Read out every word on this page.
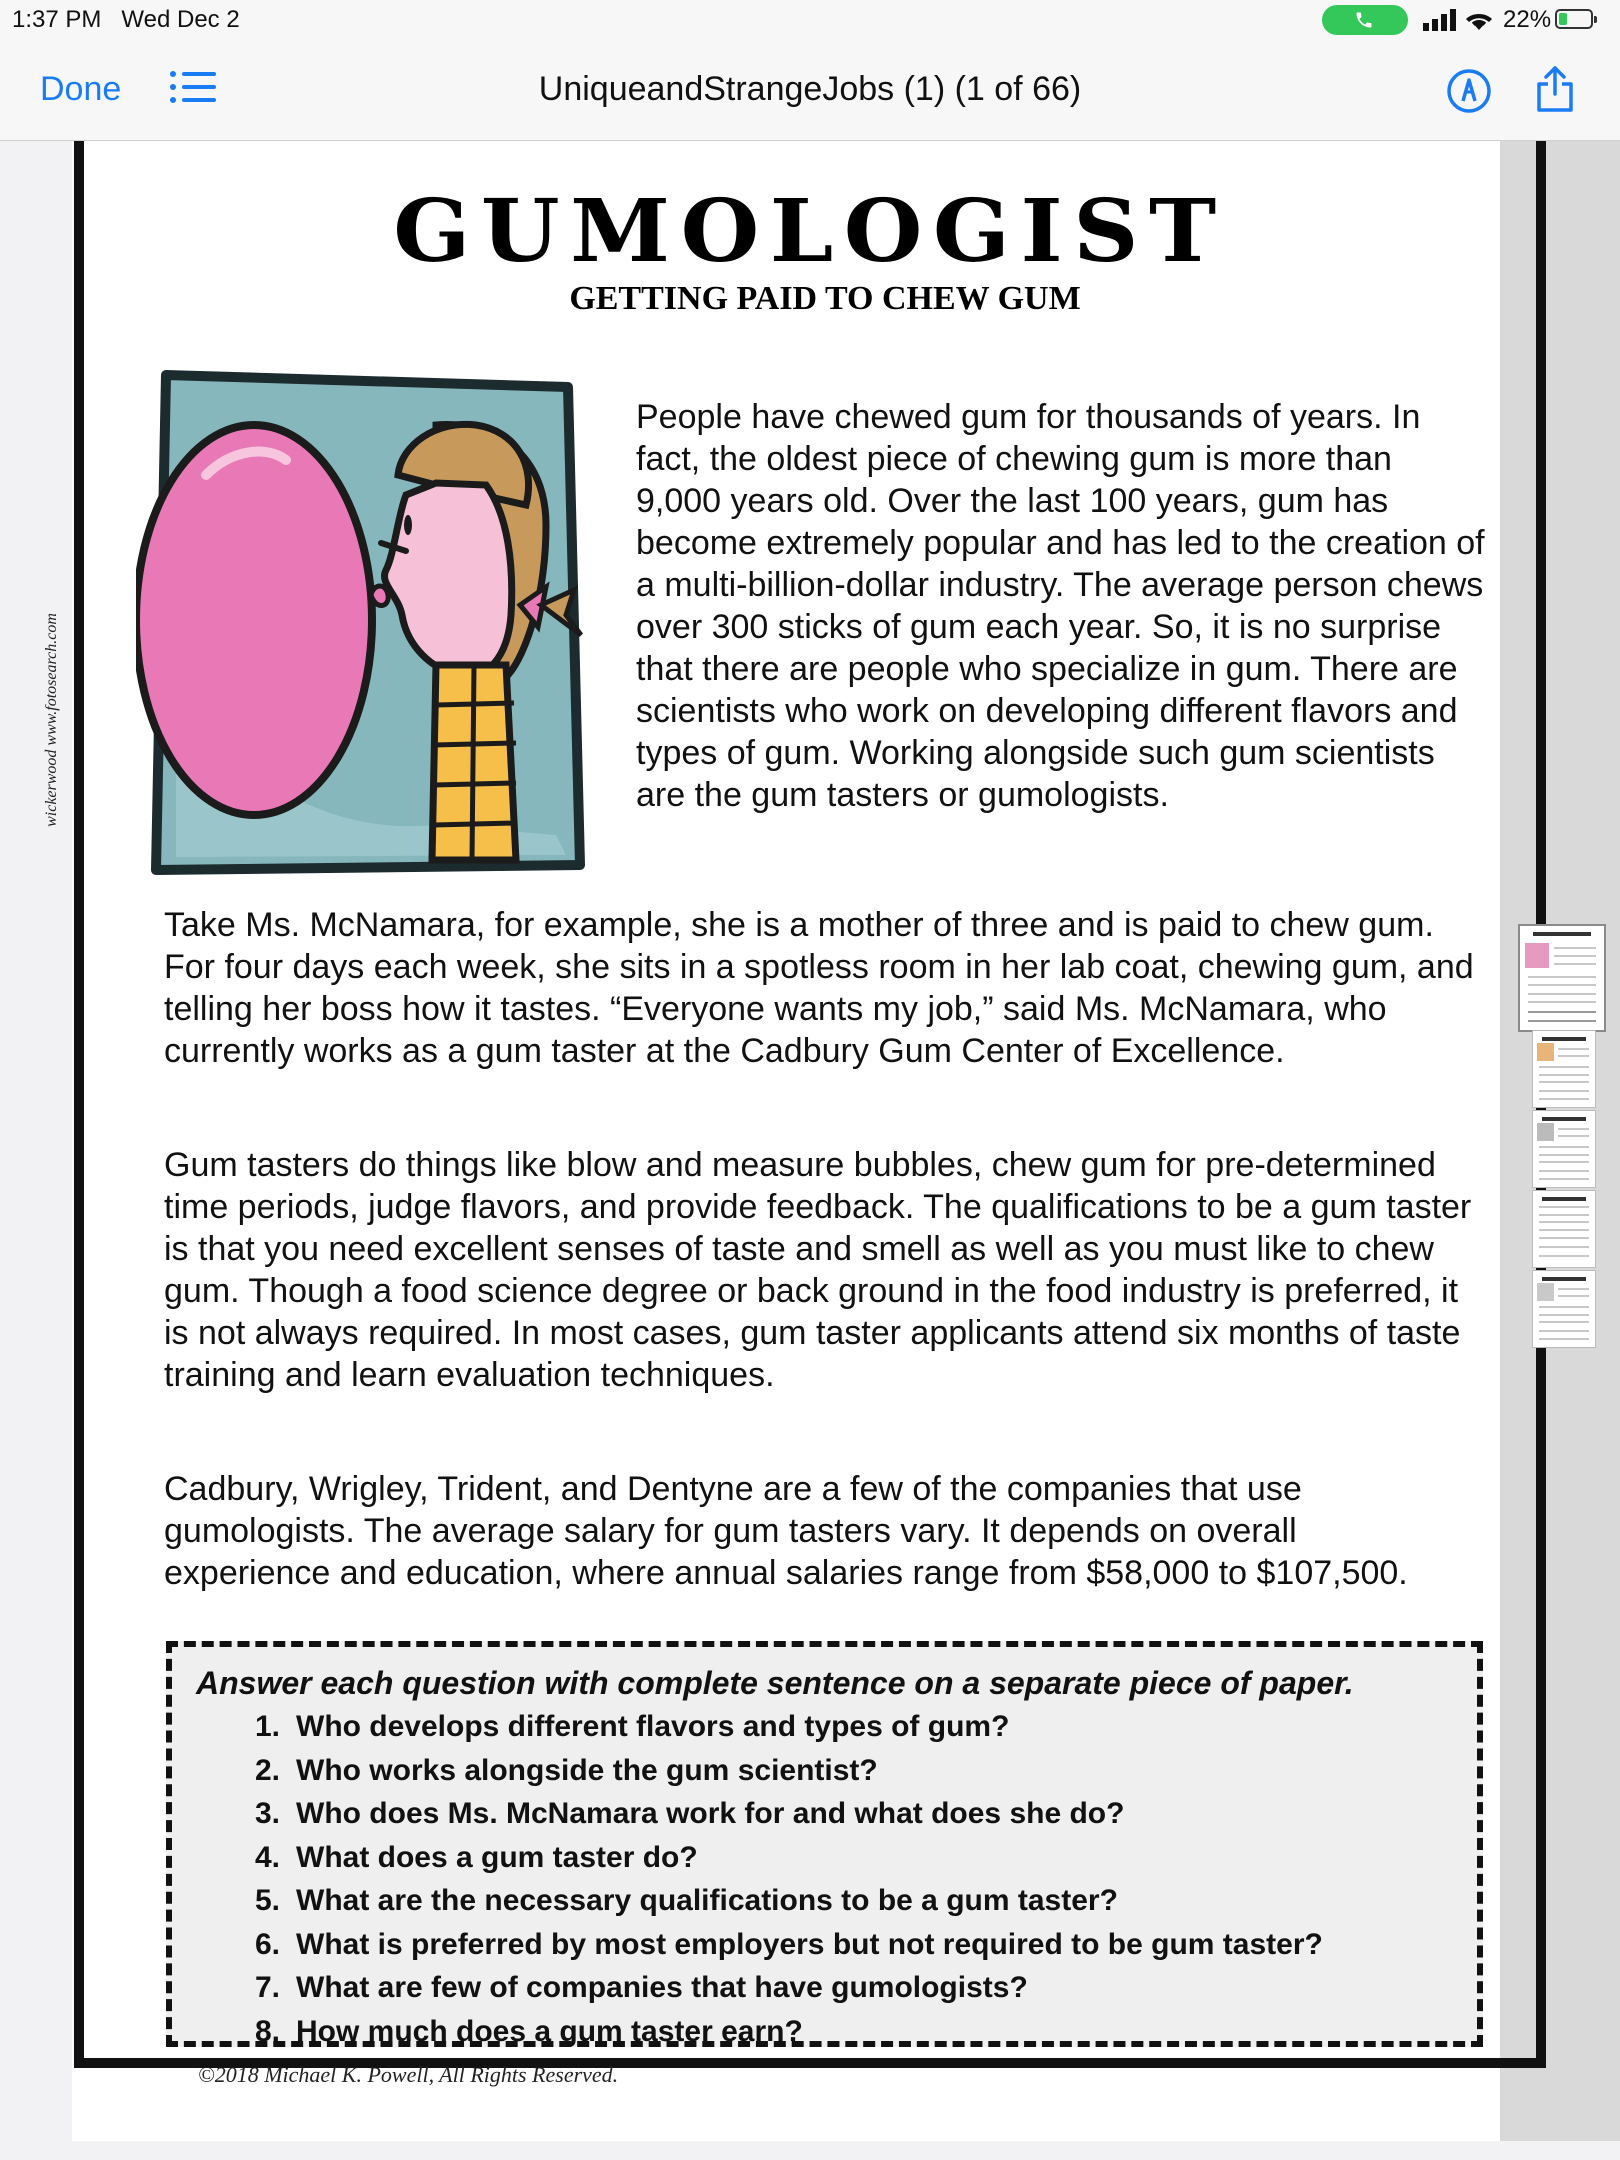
1:37 PM Wed Dec 2	22%
Done	UniqueandStrangeJobs (1) (1 of 66)
wickerwood www.fotosearch.com
GUMOLOGIST
GETTING PAID TO CHEW GUM
People have chewed gum for thousands of years. In fact, the oldest piece of chewing gum is more than 9,000 years old. Over the last 100 years, gum has become extremely popular and has led to the creation of a multi-billion-dollar industry. The average person chews over 300 sticks of gum each year. So, it is no surprise that there are people who specialize in gum. There are scientists who work on developing different flavors and types of gum. Working alongside such gum scientists are the gum tasters or gumologists.
Take Ms. McNamara, for example, she is a mother of three and is paid to chew gum. For four days each week, she sits in a spotless room in her lab coat, chewing gum, and telling her boss how it tastes. “Everyone wants my job,” said Ms. McNamara, who currently works as a gum taster at the Cadbury Gum Center of Excellence.
Gum tasters do things like blow and measure bubbles, chew gum for pre-determined time periods, judge flavors, and provide feedback. The qualifications to be a gum taster is that you need excellent senses of taste and smell as well as you must like to chew gum. Though a food science degree or back ground in the food industry is preferred, it is not always required. In most cases, gum taster applicants attend six months of taste training and learn evaluation techniques.
Cadbury, Wrigley, Trident, and Dentyne are a few of the companies that use gumologists. The average salary for gum tasters vary. It depends on overall experience and education, where annual salaries range from $58,000 to $107,500.
Answer each question with complete sentence on a separate piece of paper.
1. Who develops different flavors and types of gum?
2. Who works alongside the gum scientist?
3. Who does Ms. McNamara work for and what does she do?
4. What does a gum taster do?
5. What are the necessary qualifications to be a gum taster?
6. What is preferred by most employers but not required to be gum taster?
7. What are few of companies that have gumologists?
8. How much does a gum taster earn?
©2018 Michael K. Powell, All Rights Reserved.
